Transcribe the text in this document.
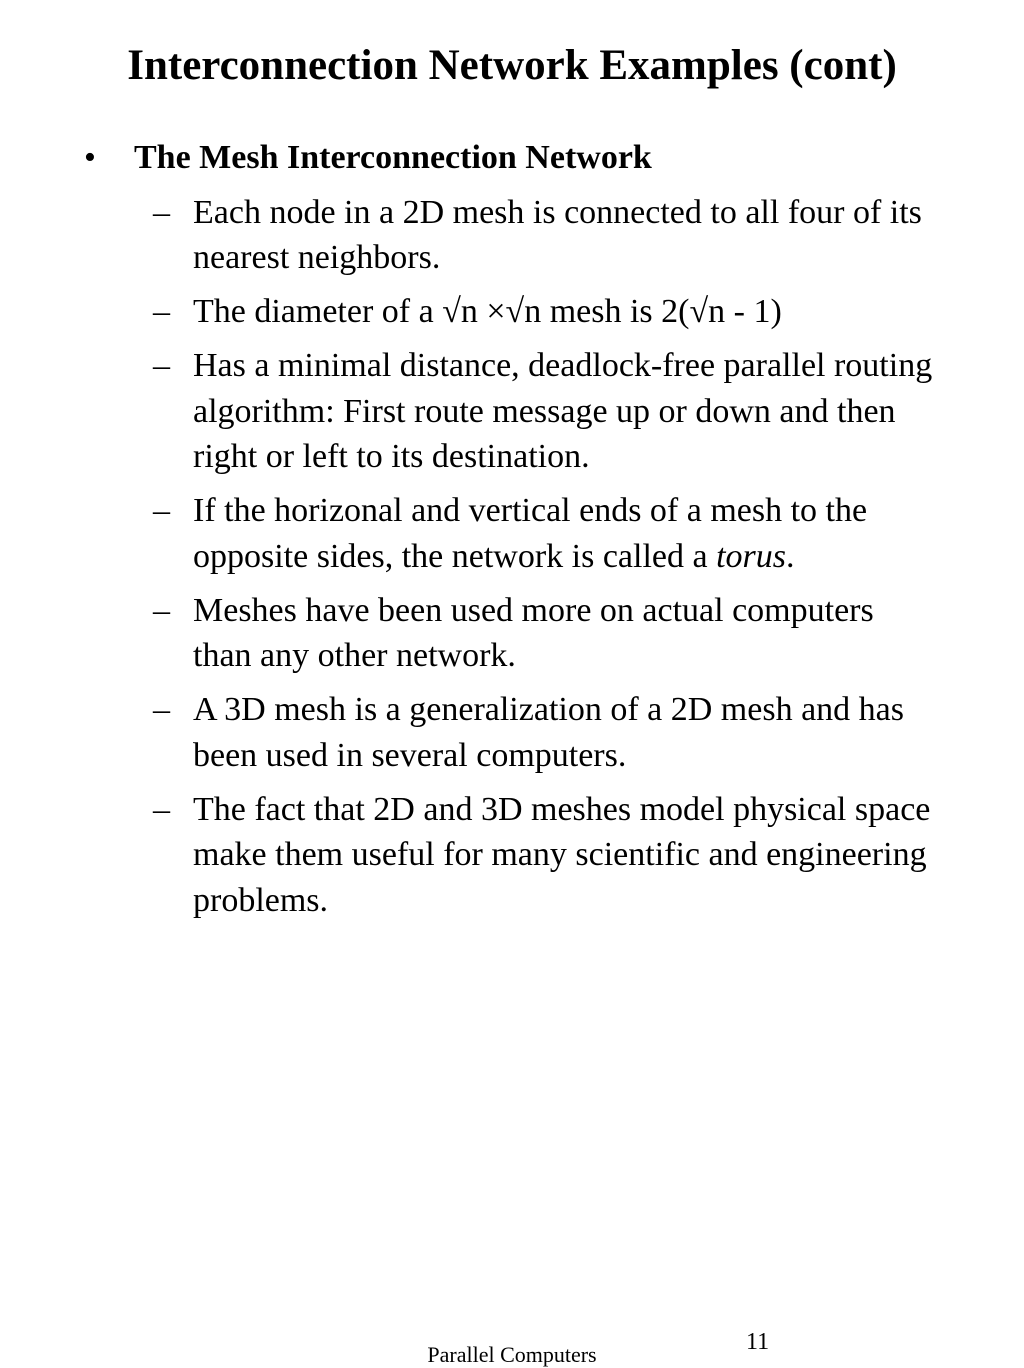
Interconnection Network Examples (cont)
• The Mesh Interconnection Network
– Each node in a 2D mesh is connected to all four of its nearest neighbors.
– The diameter of a √n ×√n mesh is 2(√n - 1)
– Has a minimal distance, deadlock-free parallel routing algorithm: First route message up or down and then right or left to its destination.
– If the horizonal and vertical ends of a mesh to the opposite sides, the network is called a torus.
– Meshes have been used more on actual computers than any other network.
– A 3D mesh is a generalization of a 2D mesh and has been used in several computers.
– The fact that 2D and 3D meshes model physical space make them useful for many scientific and engineering problems.
Parallel Computers	11
